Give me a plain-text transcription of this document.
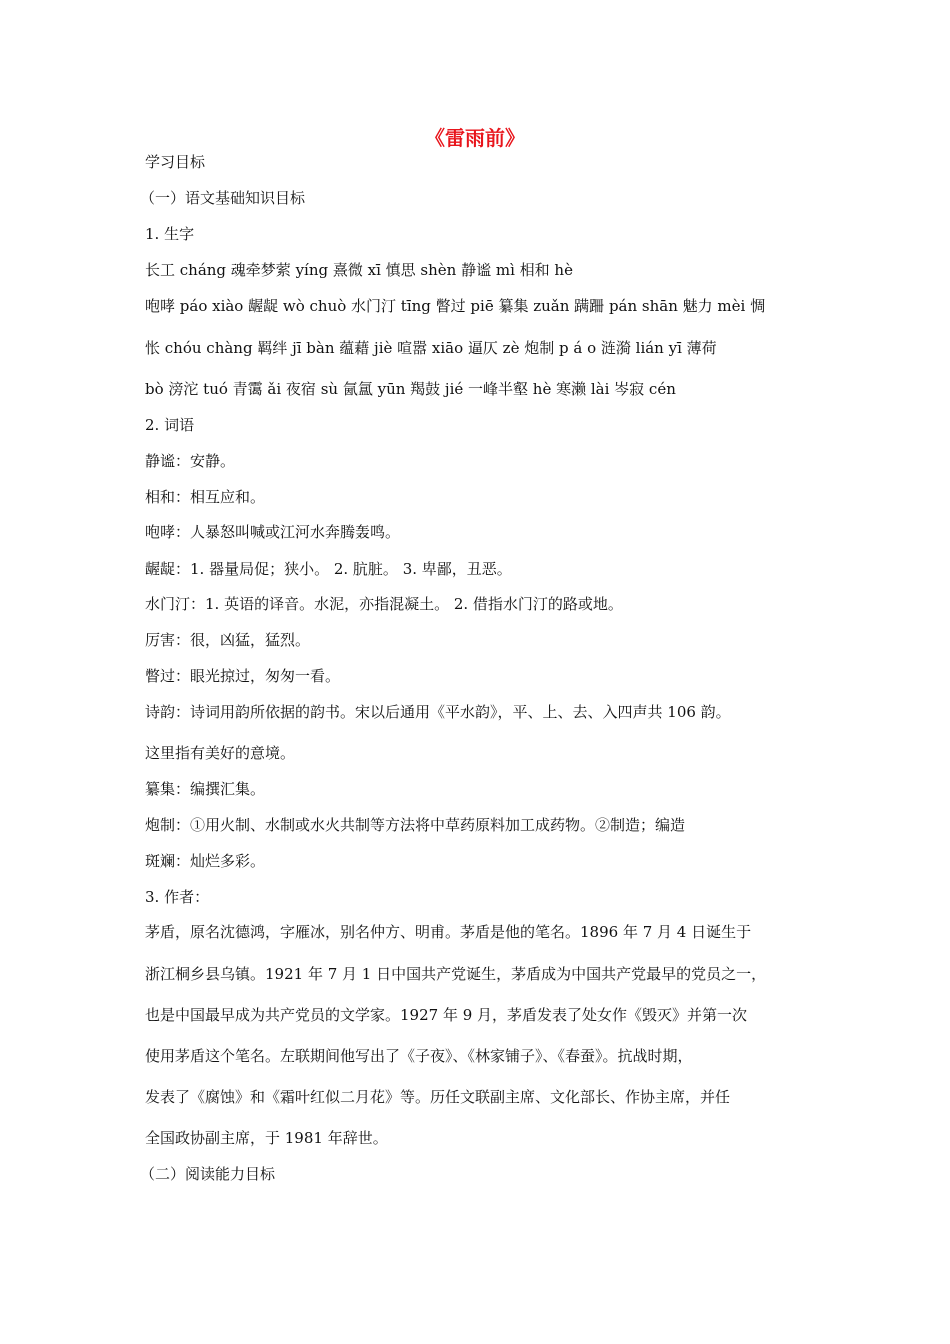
《雷雨前》
学习目标
（一）语文基础知识目标
1. 生字
长工 cháng 魂牵梦萦 yíng 熹微 xī 慎思 shèn 静谧 mì 相和 hè
咆哮 páo xiào 龌龊 wò chuò 水门汀 tīng 瞥过 piē 纂集 zuǎn 蹒跚 pán shān 魅力 mèi 惆
怅 chóu chàng 羁绊 jī bàn 蕴藉 jiè 喧嚣 xiāo 逼仄 zè 炮制 p á o 涟漪 lián yī 薄荷
bò 滂沱 tuó 青霭 ǎi 夜宿 sù 氤氲 yūn 羯鼓 jié 一峰半壑 hè 寒濑 lài 岑寂 cén
2. 词语
静谧：安静。
相和：相互应和。
咆哮：人暴怒叫喊或江河水奔腾轰鸣。
龌龊：1. 器量局促；狭小。 2. 肮脏。 3. 卑鄙，丑恶。
水门汀：1. 英语的译音。水泥，亦指混凝土。 2. 借指水门汀的路或地。
厉害：很，凶猛，猛烈。
瞥过：眼光掠过，匆匆一看。
诗韵：诗词用韵所依据的韵书。宋以后通用《平水韵》，平、上、去、入四声共 106 韵。
这里指有美好的意境。
纂集：编撰汇集。
炮制：①用火制、水制或水火共制等方法将中草药原料加工成药物。②制造；编造
斑斓：灿烂多彩。
3. 作者：
茅盾，原名沈德鸿，字雁冰，别名仲方、明甫。茅盾是他的笔名。1896 年 7 月 4 日诞生于
浙江桐乡县乌镇。1921 年 7 月 1 日中国共产党诞生，茅盾成为中国共产党最早的党员之一，
也是中国最早成为共产党员的文学家。1927 年 9 月，茅盾发表了处女作《毁灭》并第一次
使用茅盾这个笔名。左联期间他写出了《子夜》、《林家铺子》、《春蚕》。抗战时期，
发表了《腐蚀》和《霜叶红似二月花》等。历任文联副主席、文化部长、作协主席，并任
全国政协副主席，于 1981 年辞世。
（二）阅读能力目标
